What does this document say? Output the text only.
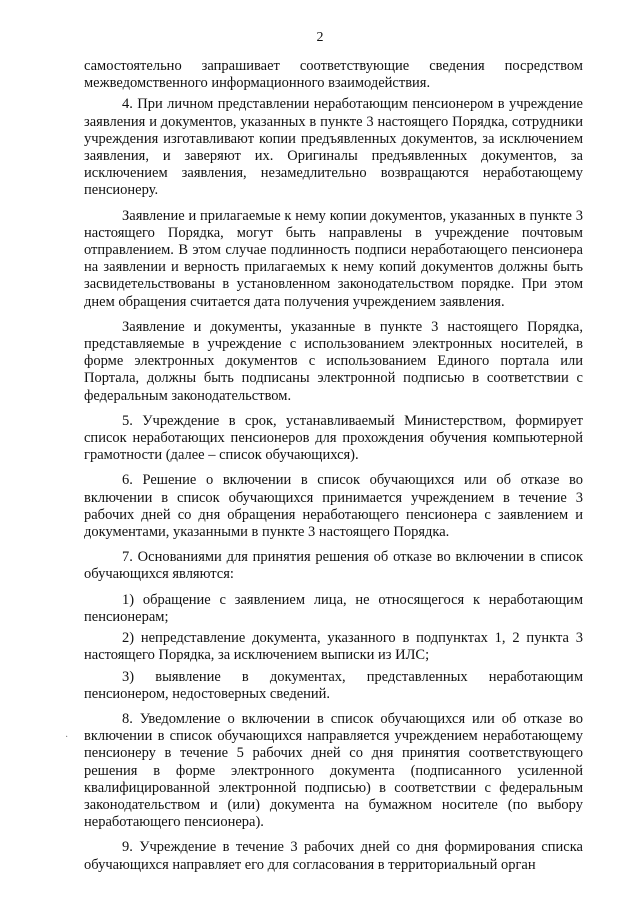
2

самостоятельно запрашивает соответствующие сведения посредством межведомственного информационного взаимодействия.

4. При личном представлении неработающим пенсионером в учреждение заявления и документов, указанных в пункте 3 настоящего Порядка, сотрудники учреждения изготавливают копии предъявленных документов, за исключением заявления, и заверяют их. Оригиналы предъявленных документов, за исключением заявления, незамедлительно возвращаются неработающему пенсионеру.

Заявление и прилагаемые к нему копии документов, указанных в пункте 3 настоящего Порядка, могут быть направлены в учреждение почтовым отправлением. В этом случае подлинность подписи неработающего пенсионера на заявлении и верность прилагаемых к нему копий документов должны быть засвидетельствованы в установленном законодательством порядке. При этом днем обращения считается дата получения учреждением заявления.

Заявление и документы, указанные в пункте 3 настоящего Порядка, представляемые в учреждение с использованием электронных носителей, в форме электронных документов с использованием Единого портала или Портала, должны быть подписаны электронной подписью в соответствии с федеральным законодательством.

5. Учреждение в срок, устанавливаемый Министерством, формирует список неработающих пенсионеров для прохождения обучения компьютерной грамотности (далее – список обучающихся).

6. Решение о включении в список обучающихся или об отказе во включении в список обучающихся принимается учреждением в течение 3 рабочих дней со дня обращения неработающего пенсионера с заявлением и документами, указанными в пункте 3 настоящего Порядка.

7. Основаниями для принятия решения об отказе во включении в список обучающихся являются:

1) обращение с заявлением лица, не относящегося к неработающим пенсионерам;

2) непредставление документа, указанного в подпунктах 1, 2 пункта 3 настоящего Порядка, за исключением выписки из ИЛС;

3) выявление в документах, представленных неработающим пенсионером, недостоверных сведений.

8. Уведомление о включении в список обучающихся или об отказе во включении в список обучающихся направляется учреждением неработающему пенсионеру в течение 5 рабочих дней со дня принятия соответствующего решения в форме электронного документа (подписанного усиленной квалифицированной электронной подписью) в соответствии с федеральным законодательством и (или) документа на бумажном носителе (по выбору неработающего пенсионера).

9. Учреждение в течение 3 рабочих дней со дня формирования списка обучающихся направляет его для согласования в территориальный орган

·
